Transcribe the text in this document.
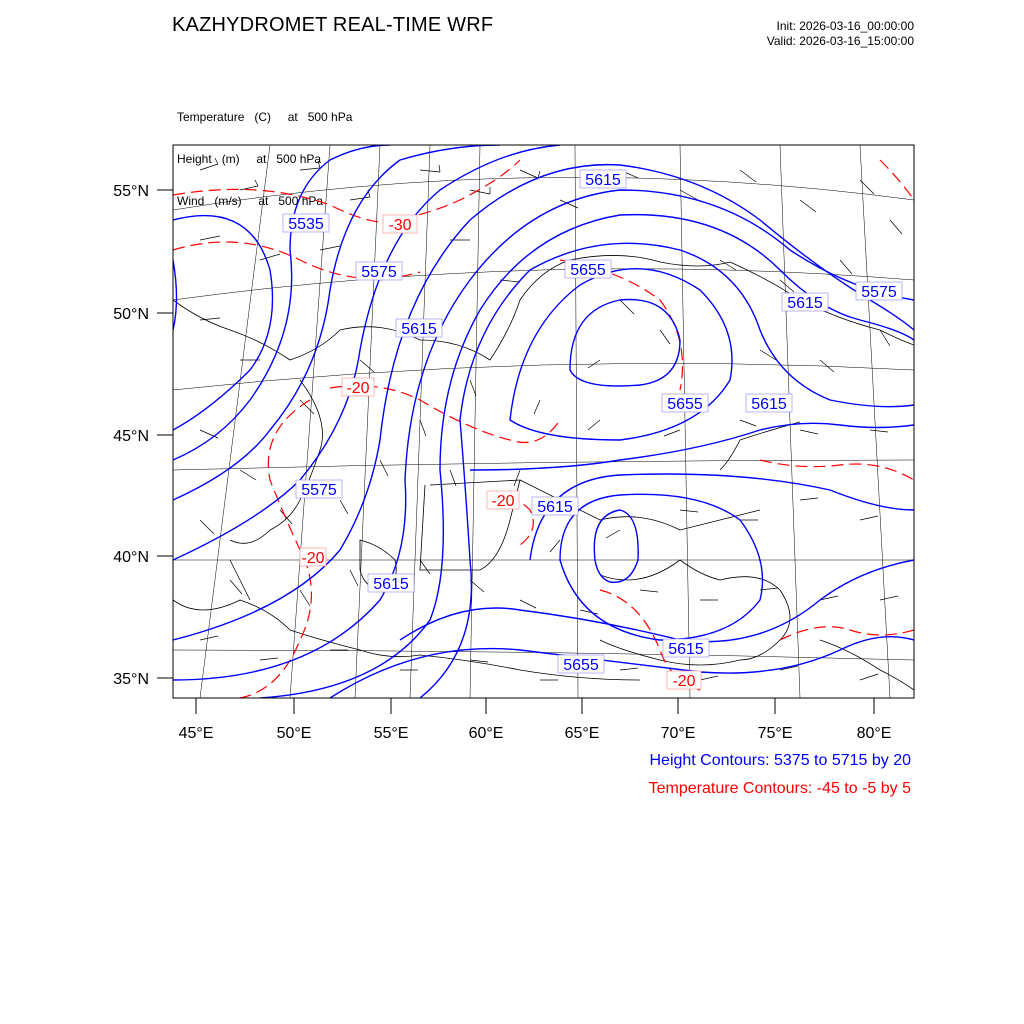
KAZHYDROMET REAL-TIME WRF	Init: 2026-03-16_00:00:00
Valid: 2026-03-16_15:00:00

Temperature   (C)     at   500 hPa

Height   (m)     at   500 hPa

Wind   (m/s)     at   500 hPa

5615
5535
5575	5655
5615
5575
5615
5655	5615
5575
5615
5615
5655
5615
-30
-20
-20
-20
-20
55°N
50°N
45°N
40°N
35°N
45°E	50°E	55°E	60°E	65°E	70°E	75°E	80°E
Height Contours: 5375 to 5715 by 20
Temperature Contours: -45 to -5 by 5
